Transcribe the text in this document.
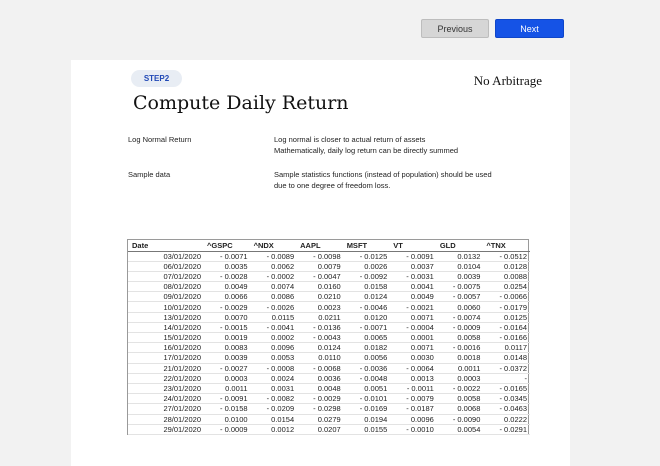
Previous	Next
STEP2	No Arbitrage
Compute Daily Return
Log Normal Return	Log normal is closer to actual return of assets
Mathematically, daily log return can be directly summed
Sample data	Sample statistics functions (instead of population) should be used
due to one degree of freedom loss.
Date	^GSPC	^NDX	AAPL	MSFT	VT	GLD	^TNX
03/01/2020	- 0.0071	- 0.0089	- 0.0098	- 0.0125	- 0.0091	0.0132	- 0.0512
06/01/2020	0.0035	0.0062	0.0079	0.0026	0.0037	0.0104	0.0128
07/01/2020	- 0.0028	- 0.0002	- 0.0047	- 0.0092	- 0.0031	0.0039	0.0088
08/01/2020	0.0049	0.0074	0.0160	0.0158	0.0041	- 0.0075	0.0254
09/01/2020	0.0066	0.0086	0.0210	0.0124	0.0049	- 0.0057	- 0.0066
10/01/2020	- 0.0029	- 0.0026	0.0023	- 0.0046	- 0.0021	0.0060	- 0.0179
13/01/2020	0.0070	0.0115	0.0211	0.0120	0.0071	- 0.0074	0.0125
14/01/2020	- 0.0015	- 0.0041	- 0.0136	- 0.0071	- 0.0004	- 0.0009	- 0.0164
15/01/2020	0.0019	0.0002	- 0.0043	0.0065	0.0001	0.0058	- 0.0166
16/01/2020	0.0083	0.0096	0.0124	0.0182	0.0071	- 0.0016	0.0117
17/01/2020	0.0039	0.0053	0.0110	0.0056	0.0030	0.0018	0.0148
21/01/2020	- 0.0027	- 0.0008	- 0.0068	- 0.0036	- 0.0064	0.0011	- 0.0372
22/01/2020	0.0003	0.0024	0.0036	- 0.0048	0.0013	0.0003	-
23/01/2020	0.0011	0.0031	0.0048	0.0051	- 0.0011	- 0.0022	- 0.0165
24/01/2020	- 0.0091	- 0.0082	- 0.0029	- 0.0101	- 0.0079	0.0058	- 0.0345
27/01/2020	- 0.0158	- 0.0209	- 0.0298	- 0.0169	- 0.0187	0.0068	- 0.0463
28/01/2020	0.0100	0.0154	0.0279	0.0194	0.0096	- 0.0090	0.0222
29/01/2020	- 0.0009	0.0012	0.0207	0.0155	- 0.0010	0.0054	- 0.0291
